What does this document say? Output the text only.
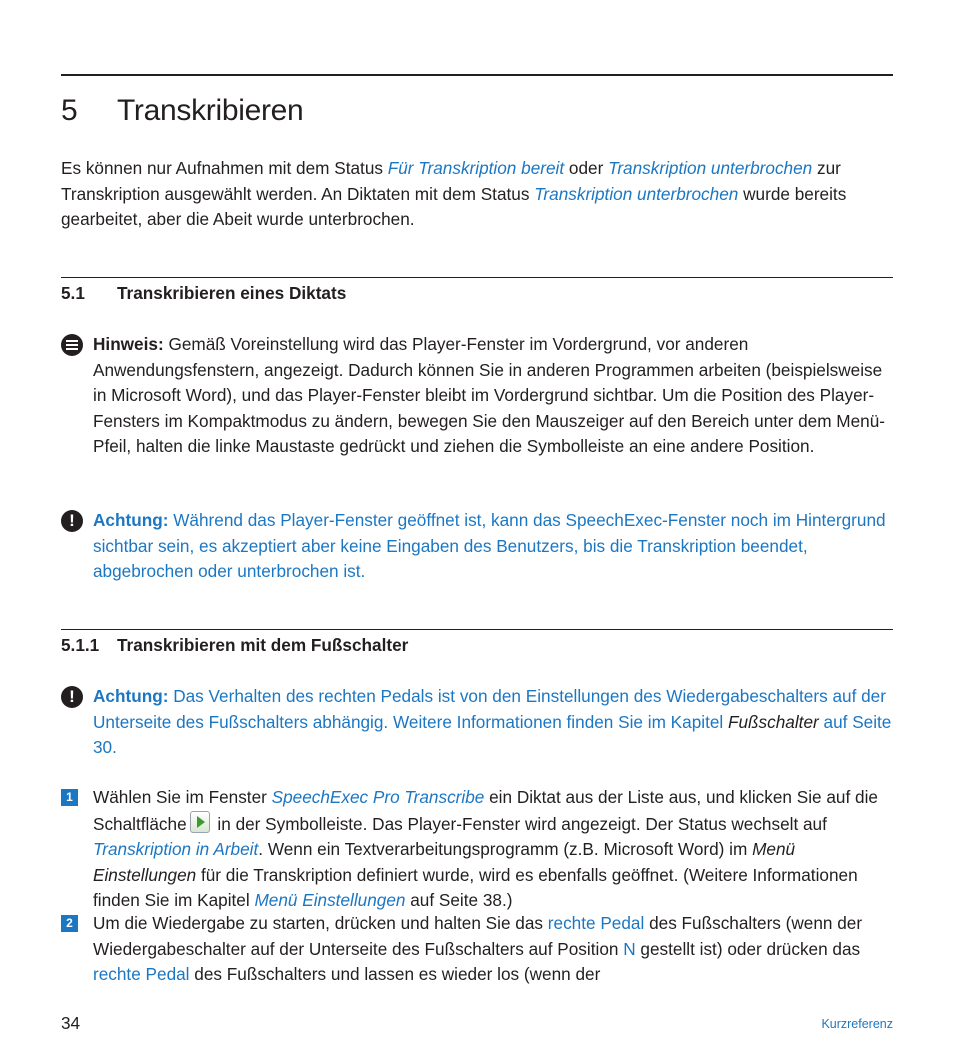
5 Transkribieren

Es können nur Aufnahmen mit dem Status Für Transkription bereit oder Transkription unterbrochen zur Transkription ausgewählt werden. An Diktaten mit dem Status Transkription unterbrochen wurde bereits gearbeitet, aber die Abeit wurde unterbrochen.

5.1 Transkribieren eines Diktats
Hinweis: Gemäß Voreinstellung wird das Player-Fenster im Vordergrund, vor anderen Anwendungsfenstern, angezeigt. Dadurch können Sie in anderen Programmen arbeiten (beispielsweise in Microsoft Word), und das Player-Fenster bleibt im Vordergrund sichtbar. Um die Position des Player-Fensters im Kompaktmodus zu ändern, bewegen Sie den Mauszeiger auf den Bereich unter dem Menü-Pfeil, halten die linke Maustaste gedrückt und ziehen die Symbolleiste an eine andere Position.
!	Achtung: Während das Player-Fenster geöffnet ist, kann das SpeechExec-Fenster noch im Hintergrund sichtbar sein, es akzeptiert aber keine Eingaben des Benutzers, bis die Transkription beendet, abgebrochen oder unterbrochen ist.
5.1.1 Transkribieren mit dem Fußschalter
!	Achtung: Das Verhalten des rechten Pedals ist von den Einstellungen des Wiedergabeschalters auf der Unterseite des Fußschalters abhängig. Weitere Informationen finden Sie im Kapitel Fußschalter auf Seite 30.
1 Wählen Sie im Fenster SpeechExec Pro Transcribe ein Diktat aus der Liste aus, und klicken Sie auf die Schaltfläche in der Symbolleiste. Das Player-Fenster wird angezeigt. Der Status wechselt auf Transkription in Arbeit. Wenn ein Textverarbeitungsprogramm (z.B. Microsoft Word) im Menü Einstellungen für die Transkription definiert wurde, wird es ebenfalls geöffnet. (Weitere Informationen finden Sie im Kapitel Menü Einstellungen auf Seite 38.)
2 Um die Wiedergabe zu starten, drücken und halten Sie das rechte Pedal des Fußschalters (wenn der Wiedergabeschalter auf der Unterseite des Fußschalters auf Position N gestellt ist) oder drücken das rechte Pedal des Fußschalters und lassen es wieder los (wenn der
34	Kurzreferenz
